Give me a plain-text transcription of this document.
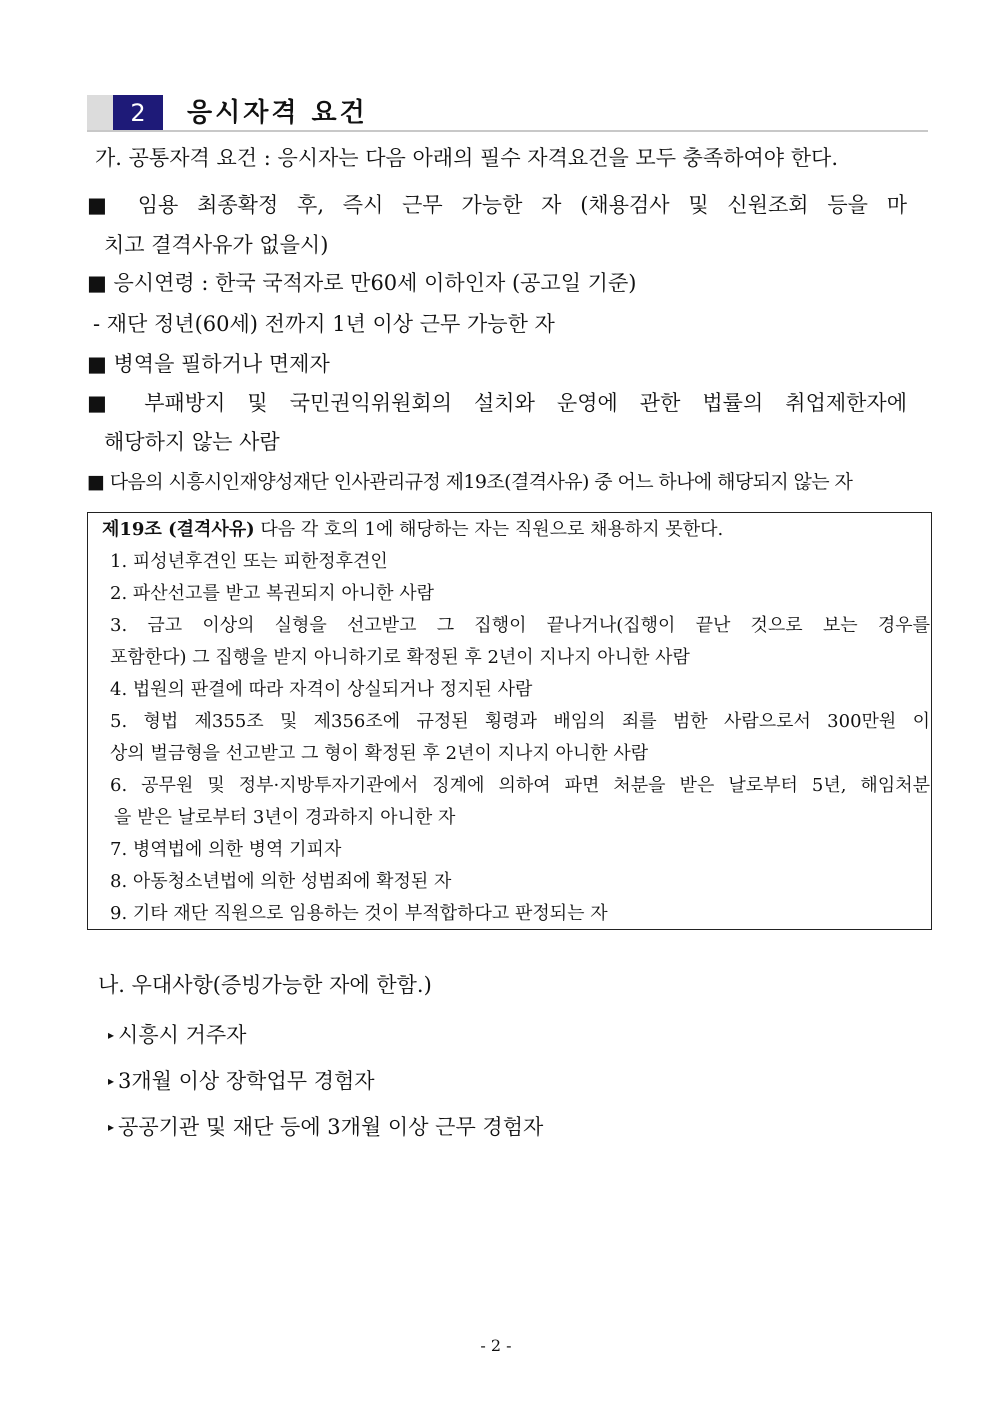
2	응시자격 요건
가. 공통자격 요건 : 응시자는 다음 아래의 필수 자격요건을 모두 충족하여야 한다.
■ 임용 최종확정 후, 즉시 근무 가능한 자 (채용검사 및 신원조회 등을 마
치고 결격사유가 없을시)
■ 응시연령 : 한국 국적자로 만60세 이하인자 (공고일 기준)
- 재단 정년(60세) 전까지 1년 이상 근무 가능한 자
■ 병역을 필하거나 면제자
■ 부패방지 및 국민권익위원회의 설치와 운영에 관한 법률의 취업제한자에
해당하지 않는 사람
■ 다음의 시흥시인재양성재단 인사관리규정 제19조(결격사유) 중 어느 하나에 해당되지 않는 자
제19조 (결격사유) 다음 각 호의 1에 해당하는 자는 직원으로 채용하지 못한다.
1. 피성년후견인 또는 피한정후견인
2. 파산선고를 받고 복권되지 아니한 사람
3. 금고 이상의 실형을 선고받고 그 집행이 끝나거나(집행이 끝난 것으로 보는 경우를
포함한다) 그 집행을 받지 아니하기로 확정된 후 2년이 지나지 아니한 사람
4. 법원의 판결에 따라 자격이 상실되거나 정지된 사람
5. 형법 제355조 및 제356조에 규정된 횡령과 배임의 죄를 범한 사람으로서 300만원 이
상의 벌금형을 선고받고 그 형이 확정된 후 2년이 지나지 아니한 사람
6. 공무원 및 정부·지방투자기관에서 징계에 의하여 파면 처분을 받은 날로부터 5년, 해임처분
을 받은 날로부터 3년이 경과하지 아니한 자
7. 병역법에 의한 병역 기피자
8. 아동청소년법에 의한 성범죄에 확정된 자
9. 기타 재단 직원으로 임용하는 것이 부적합하다고 판정되는 자
나. 우대사항(증빙가능한 자에 한함.)
▸ 시흥시 거주자
▸ 3개월 이상 장학업무 경험자
▸ 공공기관 및 재단 등에 3개월 이상 근무 경험자
- 2 -
